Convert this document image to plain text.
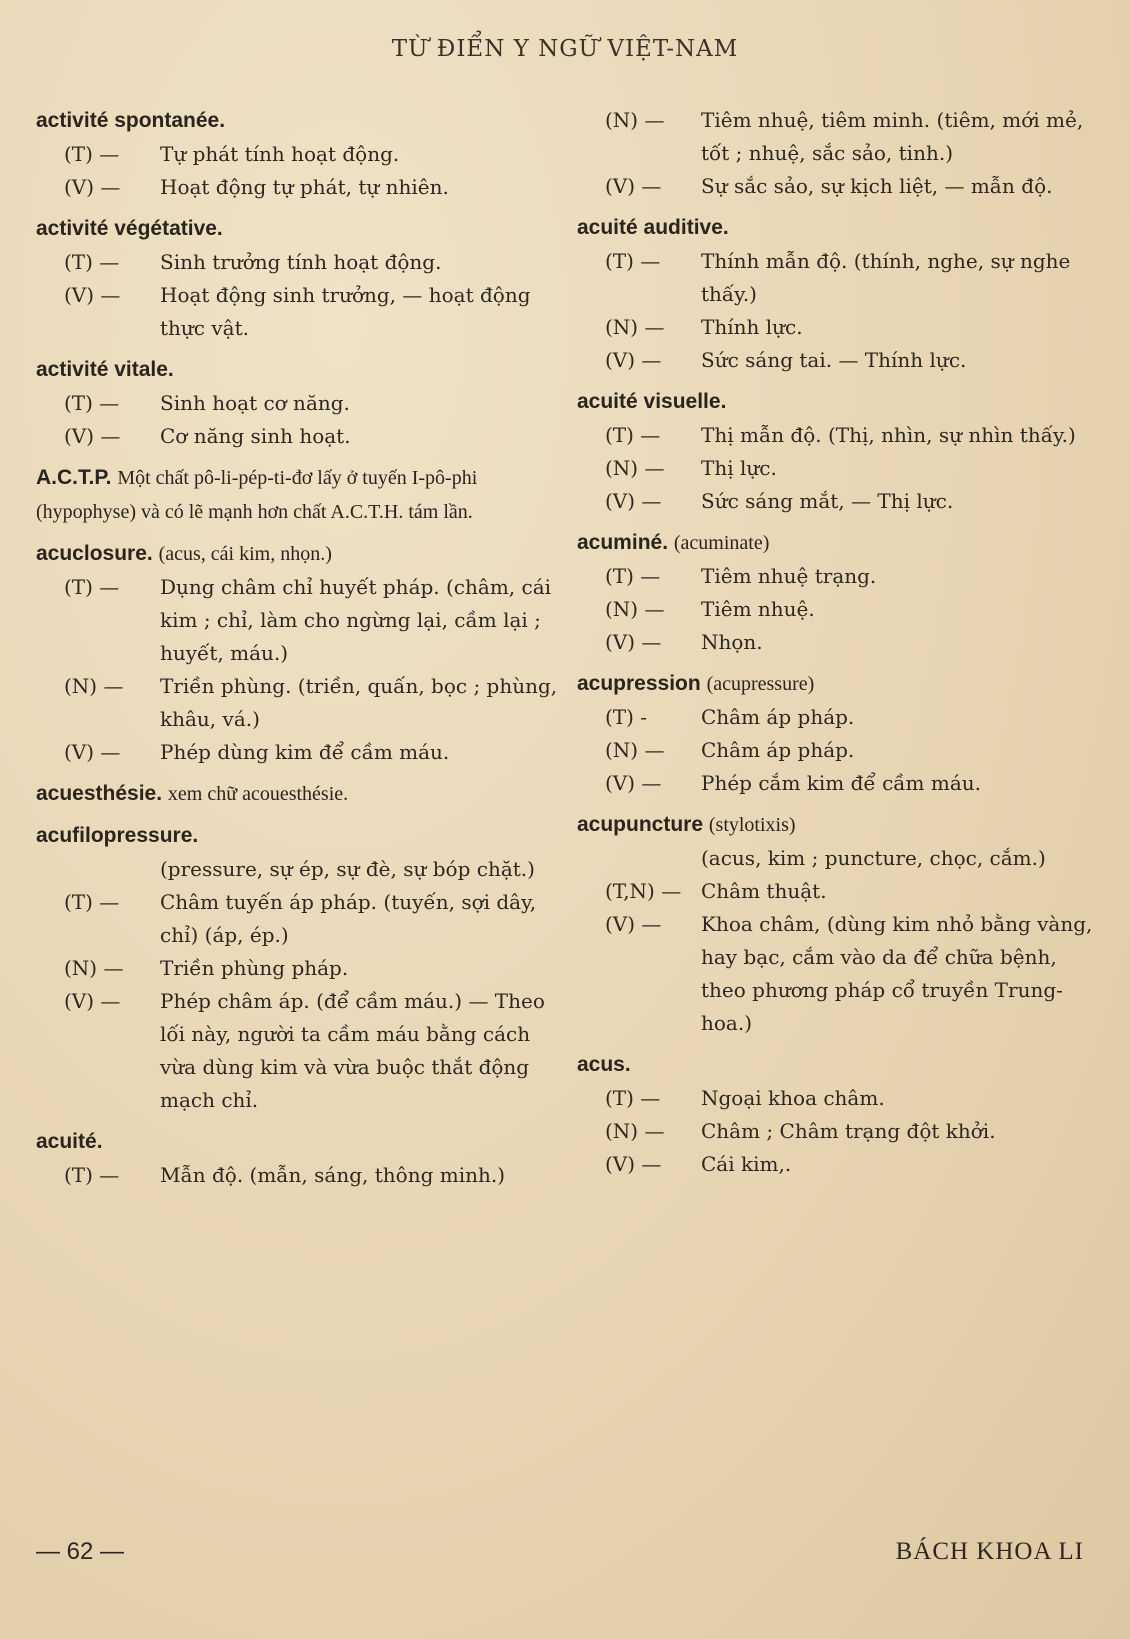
TỪ ĐIỂN Y NGỮ VIỆT-NAM
activité spontanée.
(T) —	Tự phát tính hoạt động.
(V) —	Hoạt động tự phát, tự nhiên.
activité végétative.
(T) —	Sinh trưởng tính hoạt động.
(V) —	Hoạt động sinh trưởng, — hoạt động thực vật.
activité vitale.
(T) —	Sinh hoạt cơ năng.
(V) —	Cơ năng sinh hoạt.
A.C.T.P. Một chất pô-li-pép-ti-đơ lấy ở tuyến I-pô-phi (hypophyse) và có lẽ mạnh hơn chất A.C.T.H. tám lần.
acuclosure. (acus, cái kim, nhọn.)
(T) —	Dụng châm chỉ huyết pháp. (châm, cái kim ; chỉ, làm cho ngừng lại, cầm lại ; huyết, máu.)
(N) —	Triền phùng. (triền, quấn, bọc ; phùng, khâu, vá.)
(V) —	Phép dùng kim để cầm máu.
acuesthésie. xem chữ acouesthésie.
acufilopressure.
(pressure, sự ép, sự đè, sự bóp chặt.)
(T) —	Châm tuyến áp pháp. (tuyến, sợi dây, chỉ) (áp, ép.)
(N) —	Triền phùng pháp.
(V) —	Phép châm áp. (để cầm máu.) — Theo lối này, người ta cầm máu bằng cách vừa dùng kim và vừa buộc thắt động mạch chỉ.
acuité.
(T) —	Mẫn độ. (mẫn, sáng, thông minh.)
(N) —	Tiêm nhuệ, tiêm minh. (tiêm, mới mẻ, tốt ; nhuệ, sắc sảo, tinh.)
(V) —	Sự sắc sảo, sự kịch liệt, — mẫn độ.
acuité auditive.
(T) —	Thính mẫn độ. (thính, nghe, sự nghe thấy.)
(N) —	Thính lực.
(V) —	Sức sáng tai. — Thính lực.
acuité visuelle.
(T) —	Thị mẫn độ. (Thị, nhìn, sự nhìn thấy.)
(N) —	Thị lực.
(V) —	Sức sáng mắt, — Thị lực.
acuminé. (acuminate)
(T) —	Tiêm nhuệ trạng.
(N) —	Tiêm nhuệ.
(V) —	Nhọn.
acupression (acupressure)
(T) -	Châm áp pháp.
(N) —	Châm áp pháp.
(V) —	Phép cắm kim để cầm máu.
acupuncture (stylotixis)
(acus, kim ; puncture, chọc, cắm.)
(T,N) — Châm thuật.
(V) —	Khoa châm, (dùng kim nhỏ bằng vàng, hay bạc, cắm vào da để chữa bệnh, theo phương pháp cổ truyền Trung-hoa.)
acus.
(T) —	Ngoại khoa châm.
(N) —	Châm ; Châm trạng đột khởi.
(V) —	Cái kim,.
— 62 —	BÁCH KHOA LI
